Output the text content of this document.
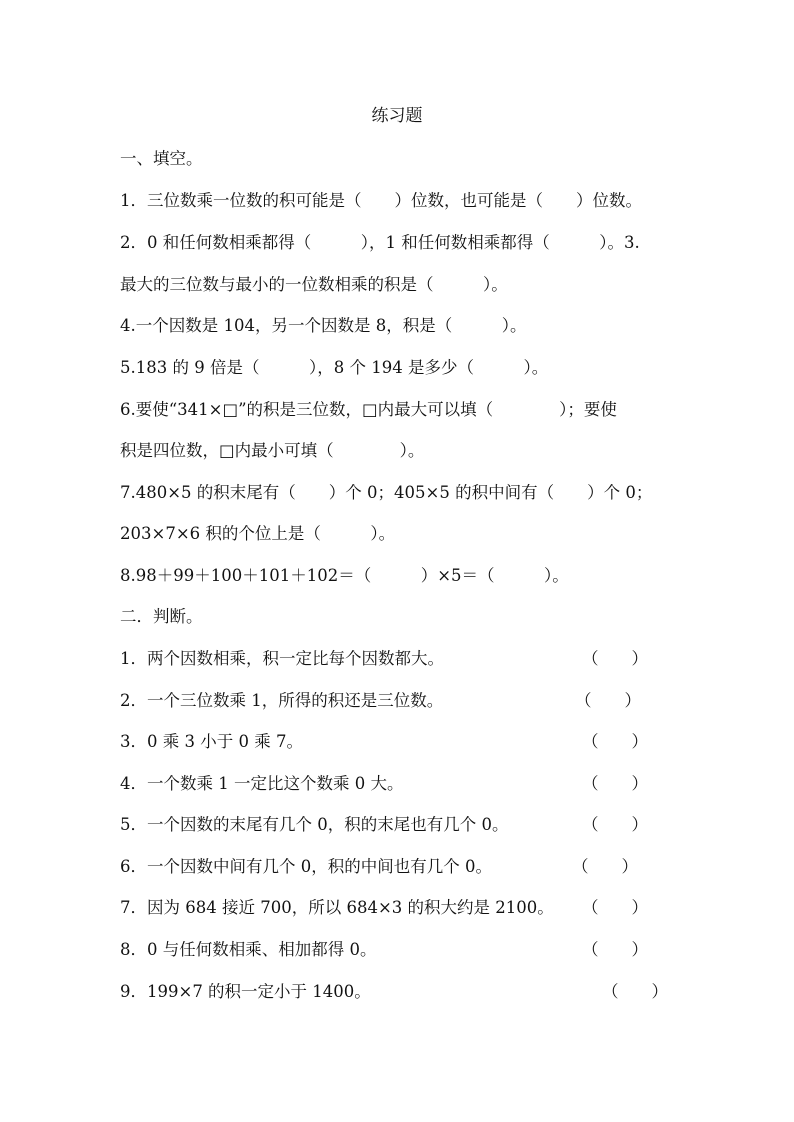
练习题
一、填空。
1．三位数乘一位数的积可能是（　　）位数，也可能是（　　）位数。
2．0 和任何数相乘都得（　　　），1 和任何数相乘都得（　　　）。3.
最大的三位数与最小的一位数相乘的积是（　　　）。
4.一个因数是 104，另一个因数是 8，积是（　　　）。
5.183 的 9 倍是（　　　），8 个 194 是多少（　　　）。
6.要使“341×□”的积是三位数，□内最大可以填（　　　　）；要使
积是四位数，□内最小可填（　　　　）。
7.480×5 的积末尾有（　　）个 0；405×5 的积中间有（　　）个 0；
203×7×6 积的个位上是（　　　）。
8.98＋99＋100＋101＋102＝（　　　）×5＝（　　　）。
二．判断。
1．两个因数相乘，积一定比每个因数都大。	（　　）
2．一个三位数乘 1，所得的积还是三位数。	（　　）
3．0 乘 3 小于 0 乘 7。	（　　）
4．一个数乘 1 一定比这个数乘 0 大。	（　　）
5．一个因数的末尾有几个 0，积的末尾也有几个 0。	（　　）
6．一个因数中间有几个 0，积的中间也有几个 0。	（　　）
7．因为 684 接近 700，所以 684×3 的积大约是 2100。 （　　）
8．0 与任何数相乘、相加都得 0。	（　　）
9．199×7 的积一定小于 1400。	（　　）
